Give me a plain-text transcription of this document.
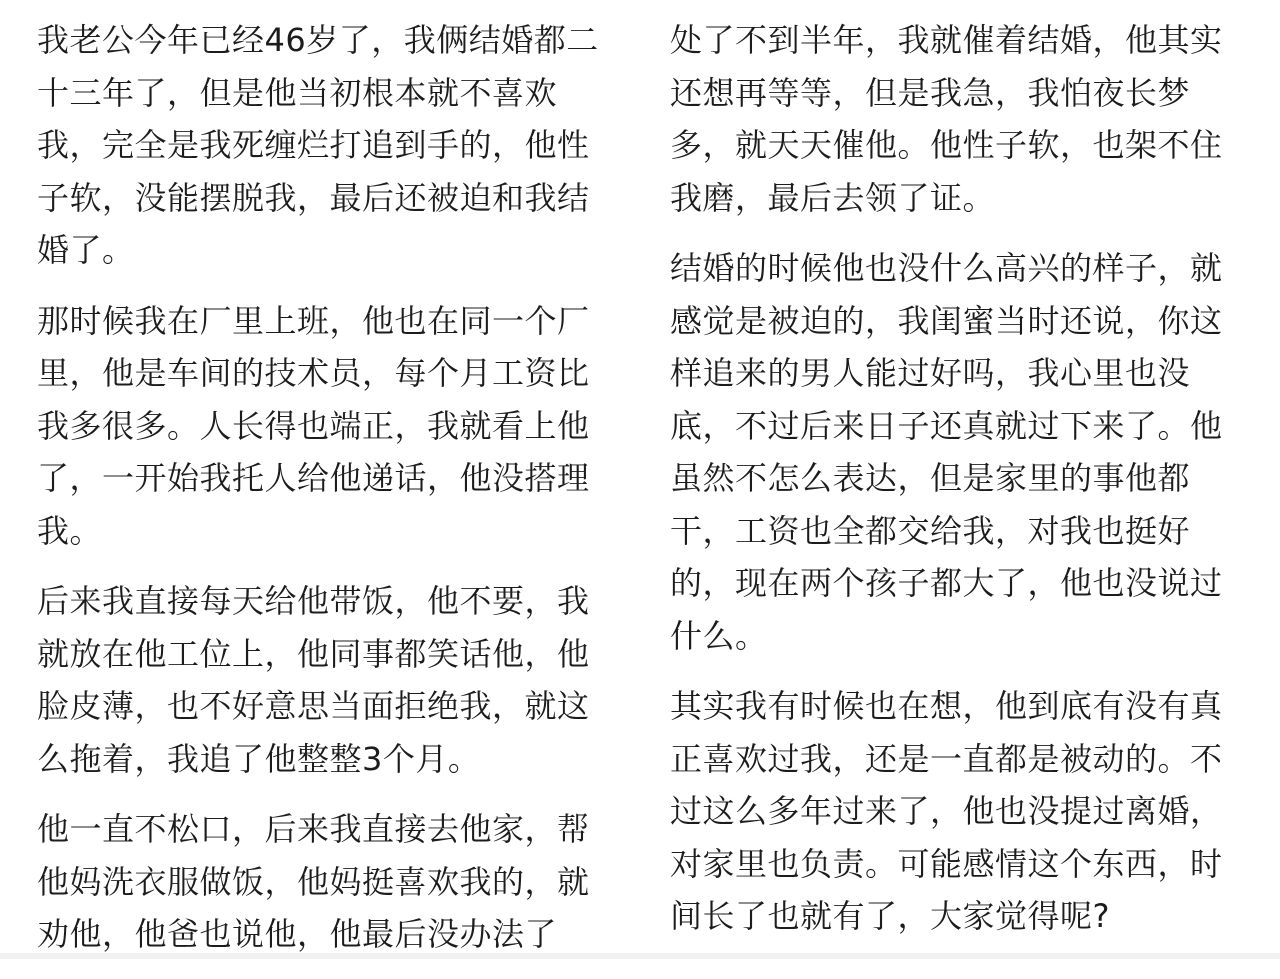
我老公今年已经46岁了，我俩结婚都二
十三年了，但是他当初根本就不喜欢
我，完全是我死缠烂打追到手的，他性
子软，没能摆脱我，最后还被迫和我结
婚了。

那时候我在厂里上班，他也在同一个厂
里，他是车间的技术员，每个月工资比
我多很多。人长得也端正，我就看上他
了，一开始我托人给他递话，他没搭理
我。

后来我直接每天给他带饭，他不要，我
就放在他工位上，他同事都笑话他，他
脸皮薄，也不好意思当面拒绝我，就这
么拖着，我追了他整整3个月。

他一直不松口，后来我直接去他家，帮
他妈洗衣服做饭，他妈挺喜欢我的，就
劝他，他爸也说他，他最后没办法了

处了不到半年，我就催着结婚，他其实
还想再等等，但是我急，我怕夜长梦
多，就天天催他。他性子软，也架不住
我磨，最后去领了证。

结婚的时候他也没什么高兴的样子，就
感觉是被迫的，我闺蜜当时还说，你这
样追来的男人能过好吗，我心里也没
底，不过后来日子还真就过下来了。他
虽然不怎么表达，但是家里的事他都
干，工资也全都交给我，对我也挺好
的，现在两个孩子都大了，他也没说过
什么。

其实我有时候也在想，他到底有没有真
正喜欢过我，还是一直都是被动的。不
过这么多年过来了，他也没提过离婚，
对家里也负责。可能感情这个东西，时
间长了也就有了，大家觉得呢?
